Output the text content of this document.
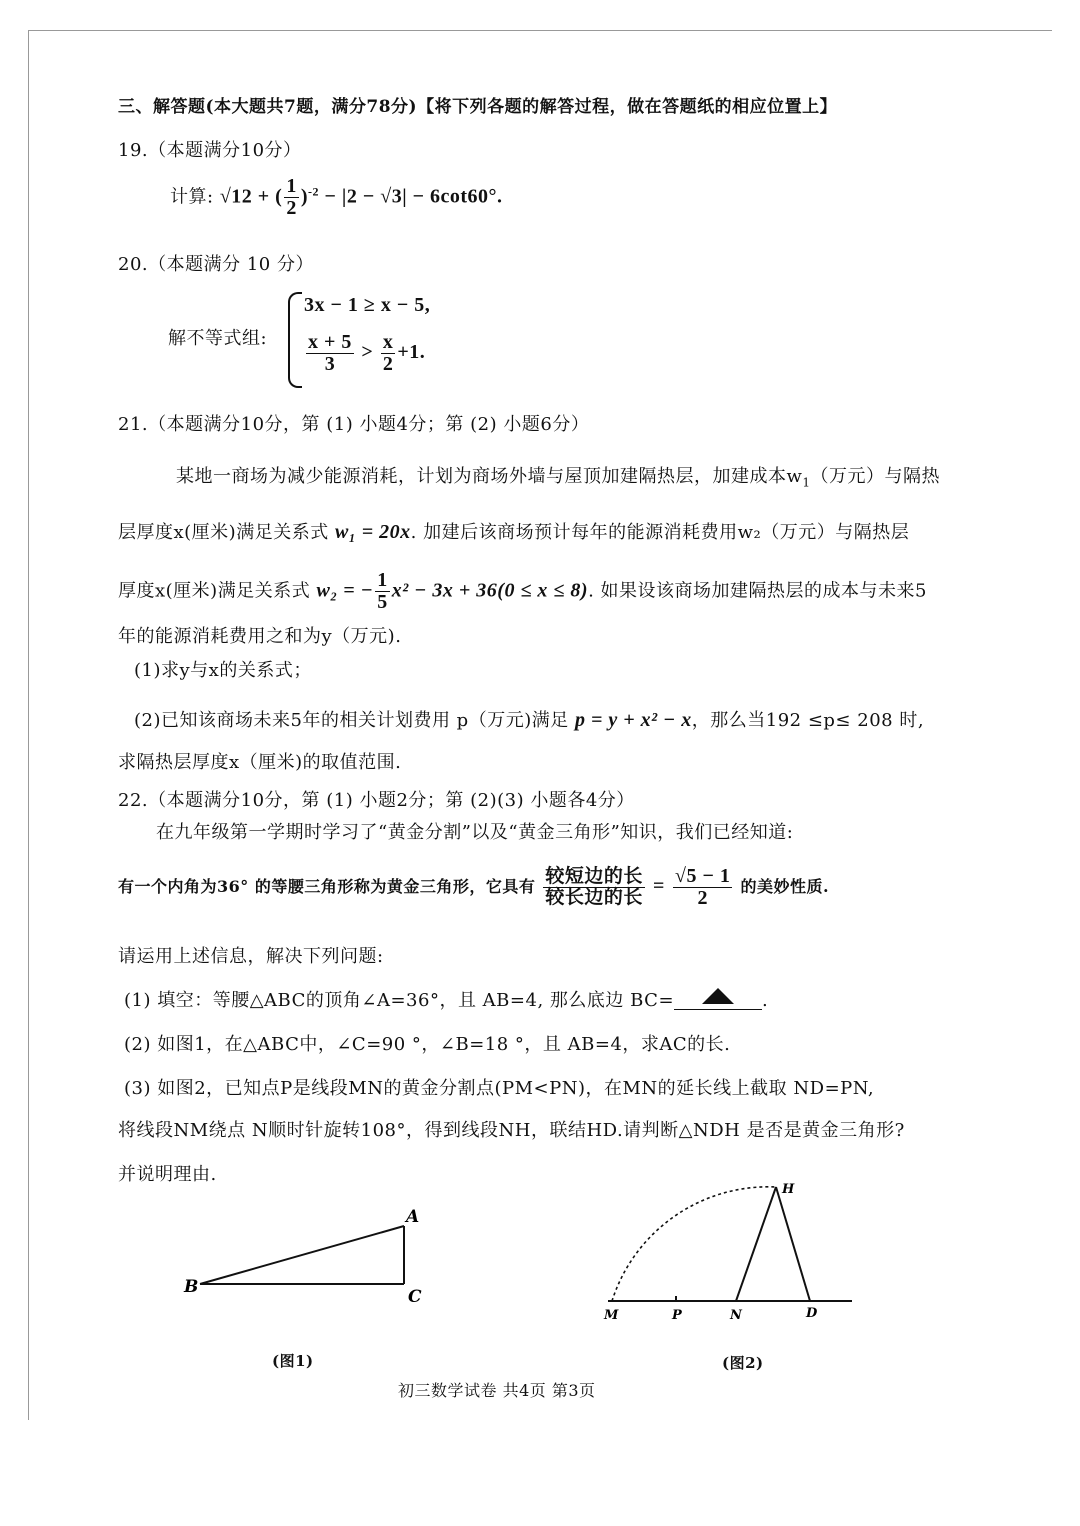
三、解答题(本大题共7题，满分78分)【将下列各题的解答过程，做在答题纸的相应位置上】
19.（本题满分10分）
计算: √12 + ( $\frac{1}{2} )^{-2} - |2 - √3| - 6\cot 60^\circ$.
20.（本题满分 10 分）
解不等式组:
3x − 1 ≥ x − 5,
$\frac{x + 5}{3} > \frac{x}{2} +1$.
21.（本题满分10分，第 (1) 小题4分；第 (2) 小题6分）
某地一商场为减少能源消耗，计划为商场外墙与屋顶加建隔热层，加建成本$w_1$（万元）与隔热
层厚度x(厘米)满足关系式 w₁ = 20x. 加建后该商场预计每年的能源消耗费用w₂（万元）与隔热层
厚度x(厘米)满足关系式 w₂ = − $\frac{1}{5} x^2 - 3x + 36(0 \le x \le 8)$. 如果设该商场加建隔热层的成本与未来5
年的能源消耗费用之和为y（万元).
(1)求y与x的关系式；
(2)已知该商场未来5年的相关计划费用 p（万元)满足 p = y + x² − x，那么当192 ≤p≤ 208 时,
求隔热层厚度x（厘米)的取值范围.
22.（本题满分10分，第 (1) 小题2分；第 (2)(3) 小题各4分）
在九年级第一学期时学习了“黄金分割”以及“黄金三角形”知识，我们已经知道:
有一个内角为36° 的等腰三角形称为黄金三角形，它具有 $\frac{\text{较短边的长}}{\text{较长边的长}} = \frac{√5 - 1}{2}$ 的美妙性质.
请运用上述信息，解决下列问题:
(1) 填空：等腰△ABC的顶角∠A=36°，且 AB=4, 那么底边 BC=	.
(2) 如图1，在△ABC中，∠C=90 °，∠B=18 °，且 AB=4，求AC的长.
(3) 如图2，已知点P是线段MN的黄金分割点(PM<PN)，在MN的延长线上截取 ND=PN,
将线段NM绕点 N顺时针旋转108°，得到线段NH，联结HD.请判断△NDH 是否是黄金三角形?
并说明理由.
A
B	C
(图1)
H
M	P	N	D
(图2)
初三数学试卷 共4页 第3页
